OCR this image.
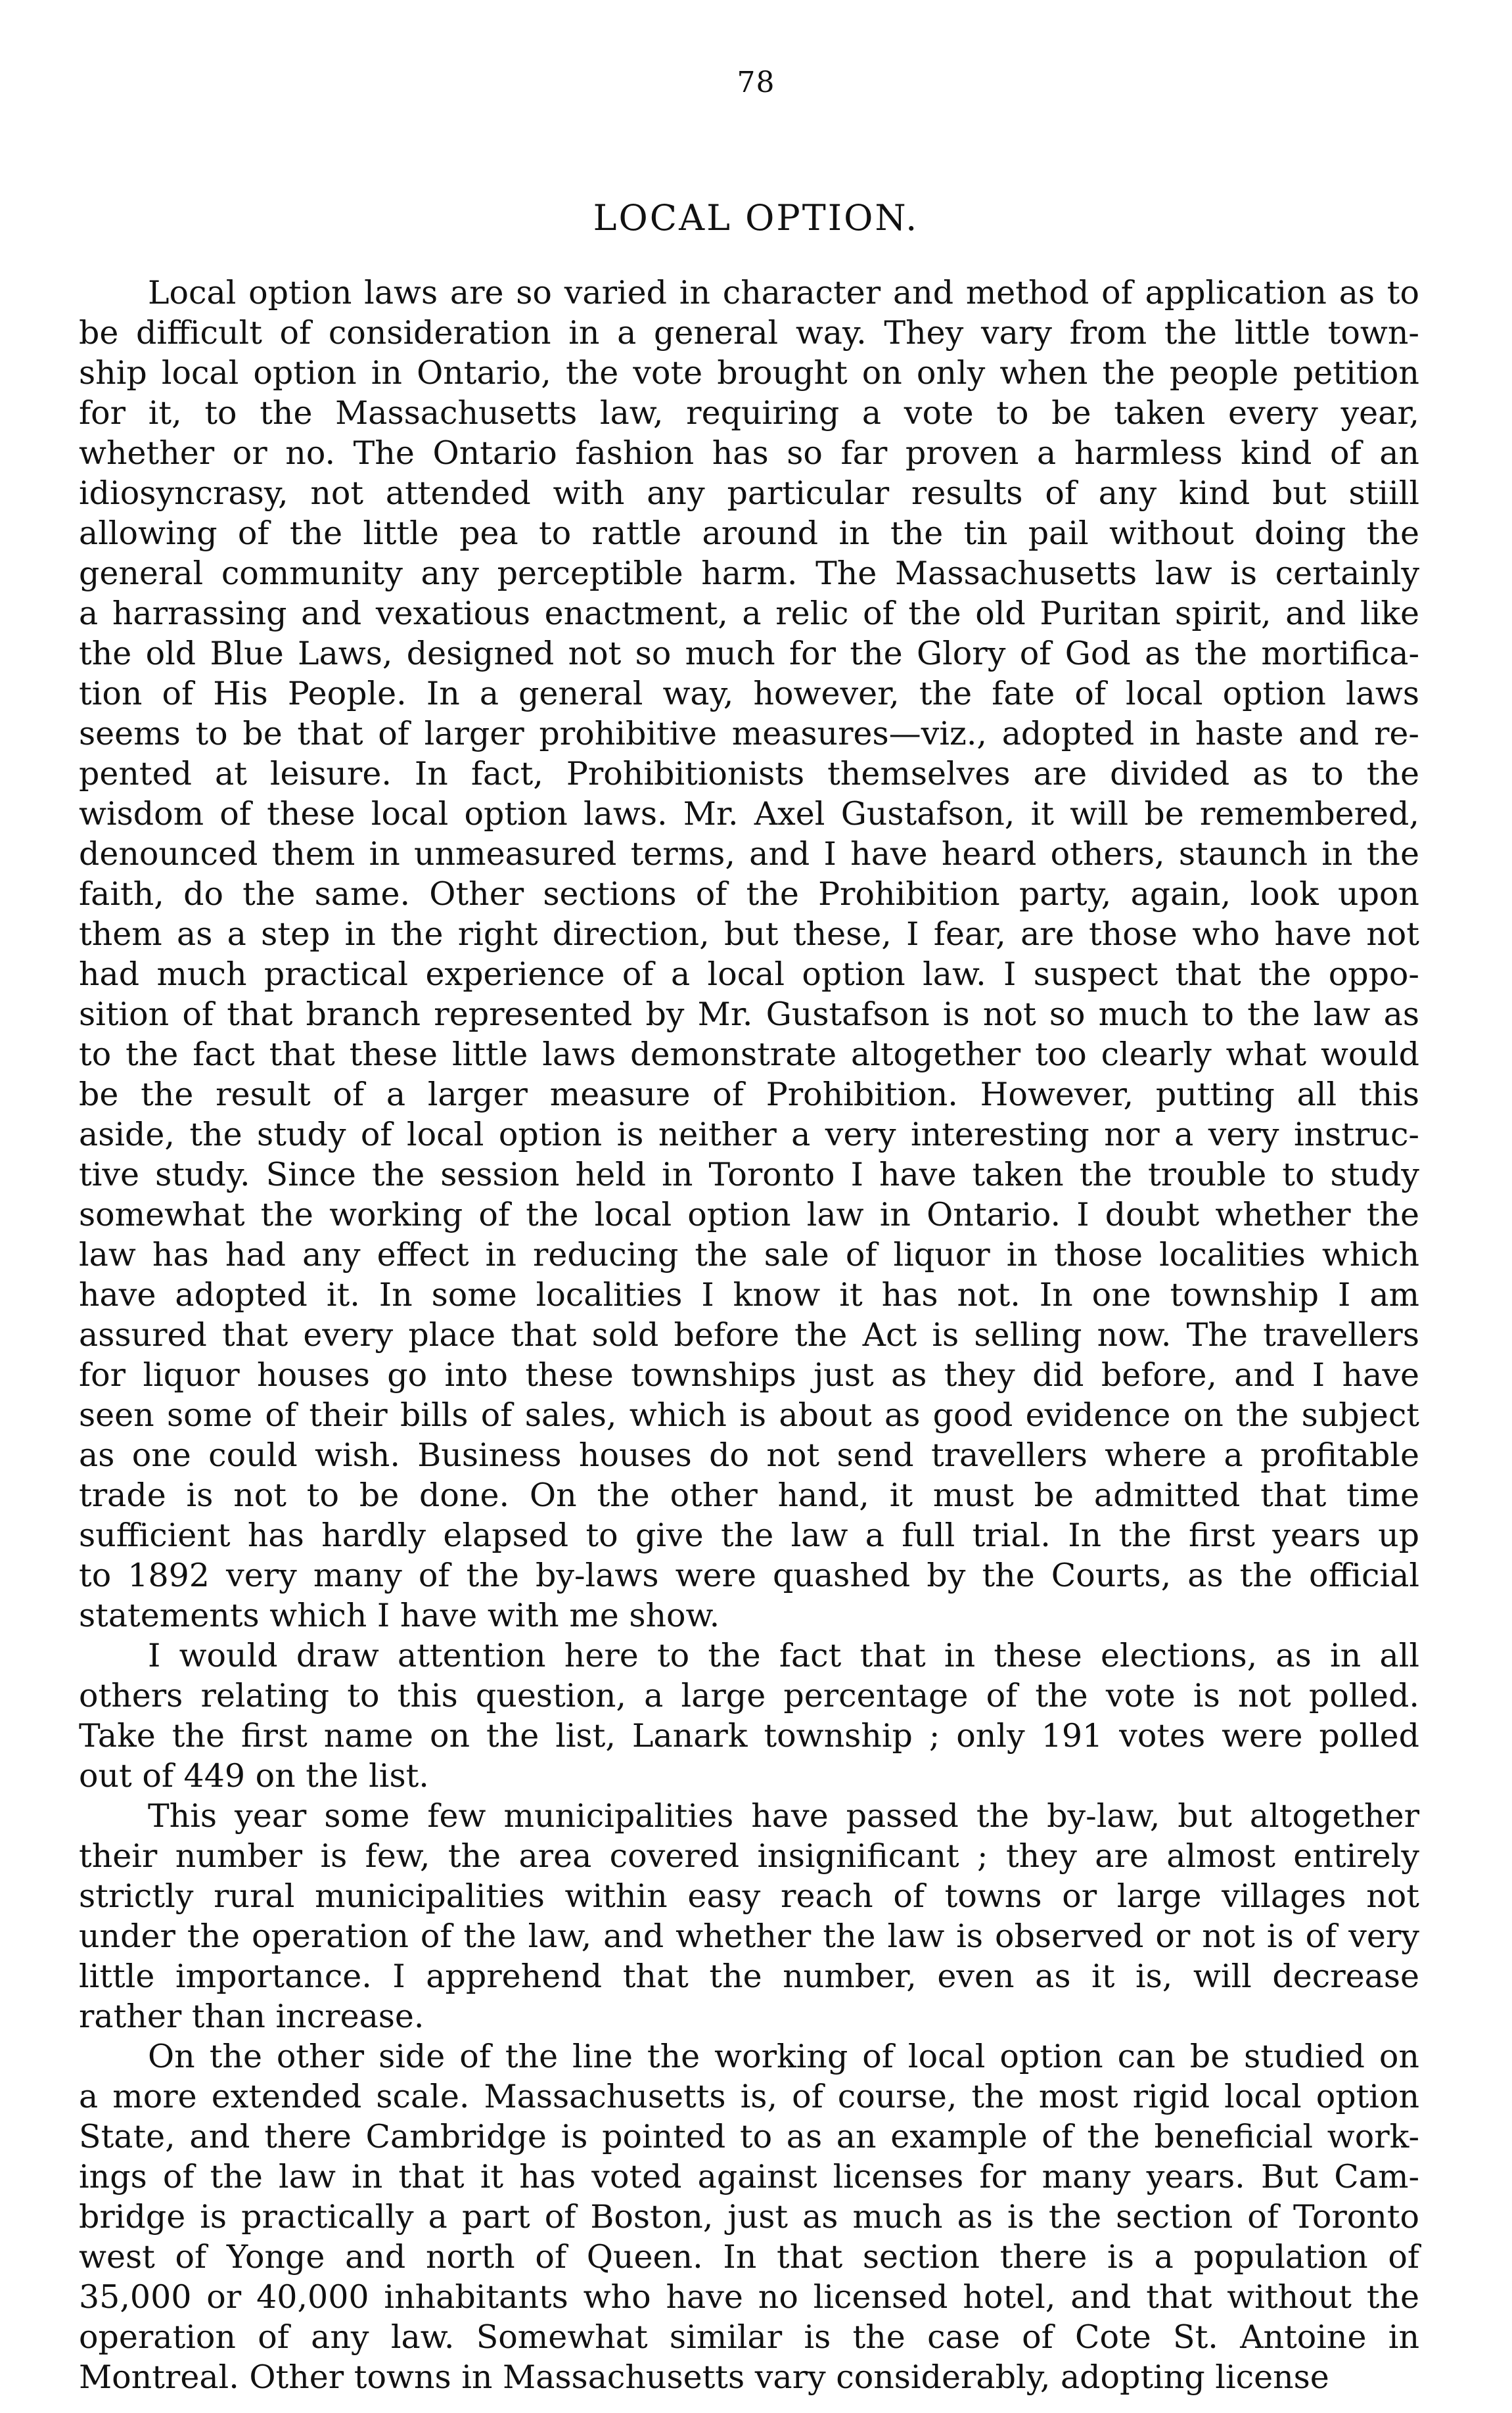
78
LOCAL OPTION.
Local option laws are so varied in character and method of application as to
be difficult of consideration in a general way. They vary from the little town-
ship local option in Ontario, the vote brought on only when the people petition
for it, to the Massachusetts law, requiring a vote to be taken every year,
whether or no. The Ontario fashion has so far proven a harmless kind of an
idiosyncrasy, not attended with any particular results of any kind but stiill
allowing of the little pea to rattle around in the tin pail without doing the
general community any perceptible harm. The Massachusetts law is certainly
a harrassing and vexatious enactment, a relic of the old Puritan spirit, and like
the old Blue Laws, designed not so much for the Glory of God as the mortifica-
tion of His People. In a general way, however, the fate of local option laws
seems to be that of larger prohibitive measures—viz., adopted in haste and re-
pented at leisure. In fact, Prohibitionists themselves are divided as to the
wisdom of these local option laws. Mr. Axel Gustafson, it will be remembered,
denounced them in unmeasured terms, and I have heard others, staunch in the
faith, do the same. Other sections of the Prohibition party, again, look upon
them as a step in the right direction, but these, I fear, are those who have not
had much practical experience of a local option law. I suspect that the oppo-
sition of that branch represented by Mr. Gustafson is not so much to the law as
to the fact that these little laws demonstrate altogether too clearly what would
be the result of a larger measure of Prohibition. However, putting all this
aside, the study of local option is neither a very interesting nor a very instruc-
tive study. Since the session held in Toronto I have taken the trouble to study
somewhat the working of the local option law in Ontario. I doubt whether the
law has had any effect in reducing the sale of liquor in those localities which
have adopted it. In some localities I know it has not. In one township I am
assured that every place that sold before the Act is selling now. The travellers
for liquor houses go into these townships just as they did before, and I have
seen some of their bills of sales, which is about as good evidence on the subject
as one could wish. Business houses do not send travellers where a profitable
trade is not to be done. On the other hand, it must be admitted that time
sufficient has hardly elapsed to give the law a full trial. In the first years up
to 1892 very many of the by-laws were quashed by the Courts, as the official
statements which I have with me show.
I would draw attention here to the fact that in these elections, as in all
others relating to this question, a large percentage of the vote is not polled.
Take the first name on the list, Lanark township ; only 191 votes were polled
out of 449 on the list.
This year some few municipalities have passed the by-law, but altogether
their number is few, the area covered insignificant ; they are almost entirely
strictly rural municipalities within easy reach of towns or large villages not
under the operation of the law, and whether the law is observed or not is of very
little importance. I apprehend that the number, even as it is, will decrease
rather than increase.
On the other side of the line the working of local option can be studied on
a more extended scale. Massachusetts is, of course, the most rigid local option
State, and there Cambridge is pointed to as an example of the beneficial work-
ings of the law in that it has voted against licenses for many years. But Cam-
bridge is practically a part of Boston, just as much as is the section of Toronto
west of Yonge and north of Queen. In that section there is a population of
35,000 or 40,000 inhabitants who have no licensed hotel, and that without the
operation of any law. Somewhat similar is the case of Cote St. Antoine in
Montreal. Other towns in Massachusetts vary considerably, adopting license
